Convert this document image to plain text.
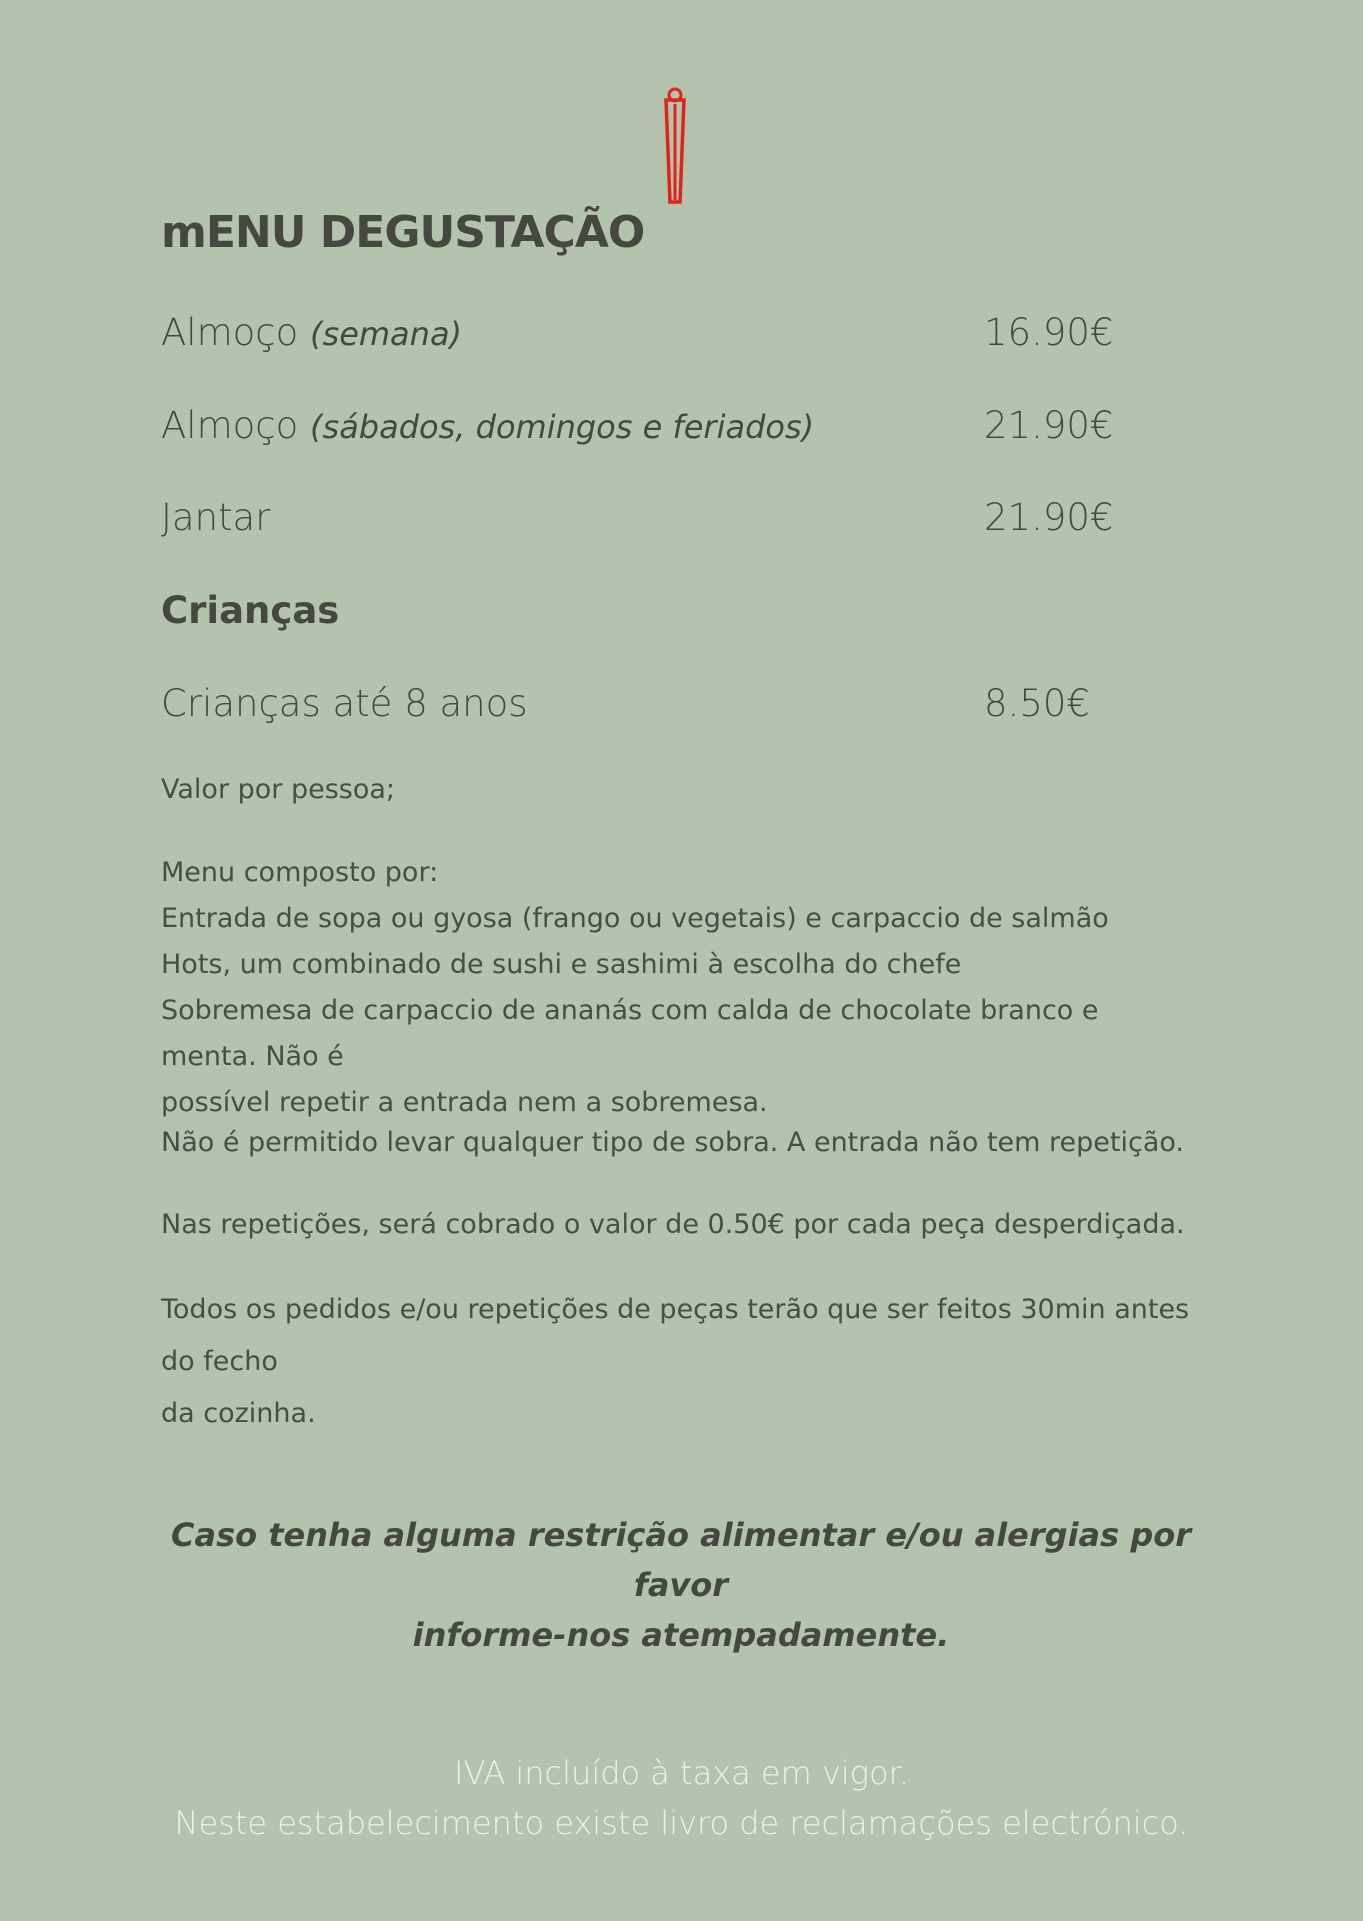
mENU DEGUSTAÇÃO
Almoço (semana)	16.90€
Almoço (sábados, domingos e feriados)	21.90€
Jantar	21.90€
Crianças
Crianças até 8 anos	8.50€

Valor por pessoa;

Menu composto por:

Entrada de sopa ou gyosa (frango ou vegetais) e carpaccio de salmão

Hots, um combinado de sushi e sashimi à escolha do chefe

Sobremesa de carpaccio de ananás com calda de chocolate branco e menta. Não é

possível repetir a entrada nem a sobremesa.

Não é permitido levar qualquer tipo de sobra. A entrada não tem repetição.

Nas repetições, será cobrado o valor de 0.50€ por cada peça desperdiçada.

Todos os pedidos e/ou repetições de peças terão que ser feitos 30min antes do fecho

da cozinha.

Caso tenha alguma restrição alimentar e/ou alergias por favor
informe-nos atempadamente.
IVA incluído à taxa em vigor.
Neste estabelecimento existe livro de reclamações electrónico.
